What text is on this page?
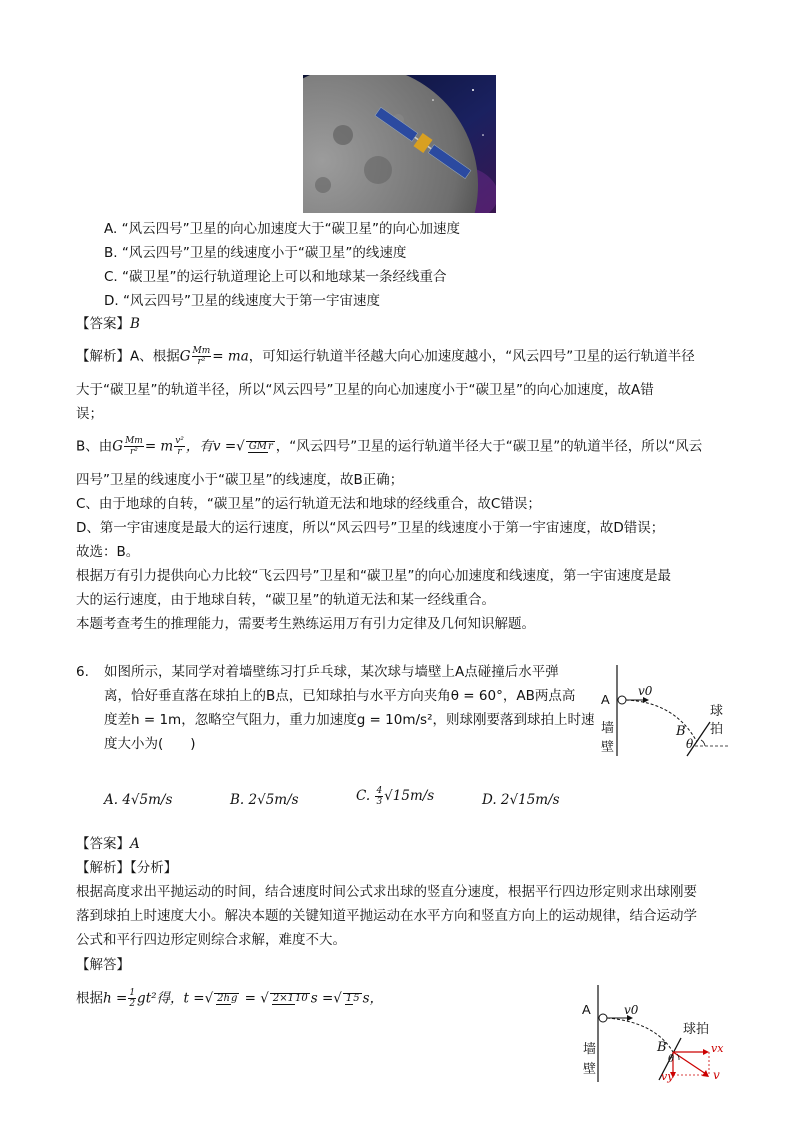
A. “风云四号”卫星的向心加速度大于“碳卫星”的向心加速度
B. “风云四号”卫星的线速度小于“碳卫星”的线速度
C. “碳卫星”的运行轨道理论上可以和地球某一条经线重合
D. “风云四号”卫星的线速度大于第一宇宙速度
【答案】B
【解析】A、根据G $\frac{Mm}{\text{r²}}$ = ma，可知运行轨道半径越大向心加速度越小，“风云四号”卫星的运行轨道半径
大于“碳卫星”的轨道半径，所以“风云四号”卫星的向心加速度小于“碳卫星”的向心加速度，故A错
误；
B、由G $\frac{Mm}{\text{r²}} = m \frac{\text{v²}}{r}$ ，有v =√ GMr ，“风云四号”卫星的运行轨道半径大于“碳卫星”的轨道半径，所以“风云
四号”卫星的线速度小于“碳卫星”的线速度，故B正确；
C、由于地球的自转，“碳卫星”的运行轨道无法和地球的经线重合，故C错误；
D、第一宇宙速度是最大的运行速度，所以“风云四号”卫星的线速度小于第一宇宙速度，故D错误；
故选：B。
根据万有引力提供向心力比较“飞云四号”卫星和“碳卫星”的向心加速度和线速度，第一宇宙速度是最
大的运行速度，由于地球自转，“碳卫星”的轨道无法和某一经线重合。
本题考查考生的推理能力，需要考生熟练运用万有引力定律及几何知识解题。
6. 如图所示，某同学对着墙壁练习打乒乓球，某次球与墙壁上A点碰撞后水平弹
离，恰好垂直落在球拍上的B点，已知球拍与水平方向夹角θ = 60°，AB两点高
度差h = 1m，忽略空气阻力，重力加速度g = 10m/s²，则球刚要落到球拍上时速
度大小为(　　)
A
v0
墙
壁
球
拍
B
θ
A. 4√5m/s	B. 2√5m/s	C. $\frac{4}{3} √15m/s$	D. 2√15m/s
【答案】A
【解析】【分析】
根据高度求出平抛运动的时间，结合速度时间公式求出球的竖直分速度，根据平行四边形定则求出球刚要
落到球拍上时速度大小。解决本题的关键知道平抛运动在水平方向和竖直方向上的运动规律，结合运动学
公式和平行四边形定则综合求解，难度不大。
【解答】
根据$h = \frac{1}{2} gt^2$得，t =√ 2hg = √ 2×110 s =√ 15 s，
A	v0
墙
壁
球拍
B
θ
vx
vy	v
